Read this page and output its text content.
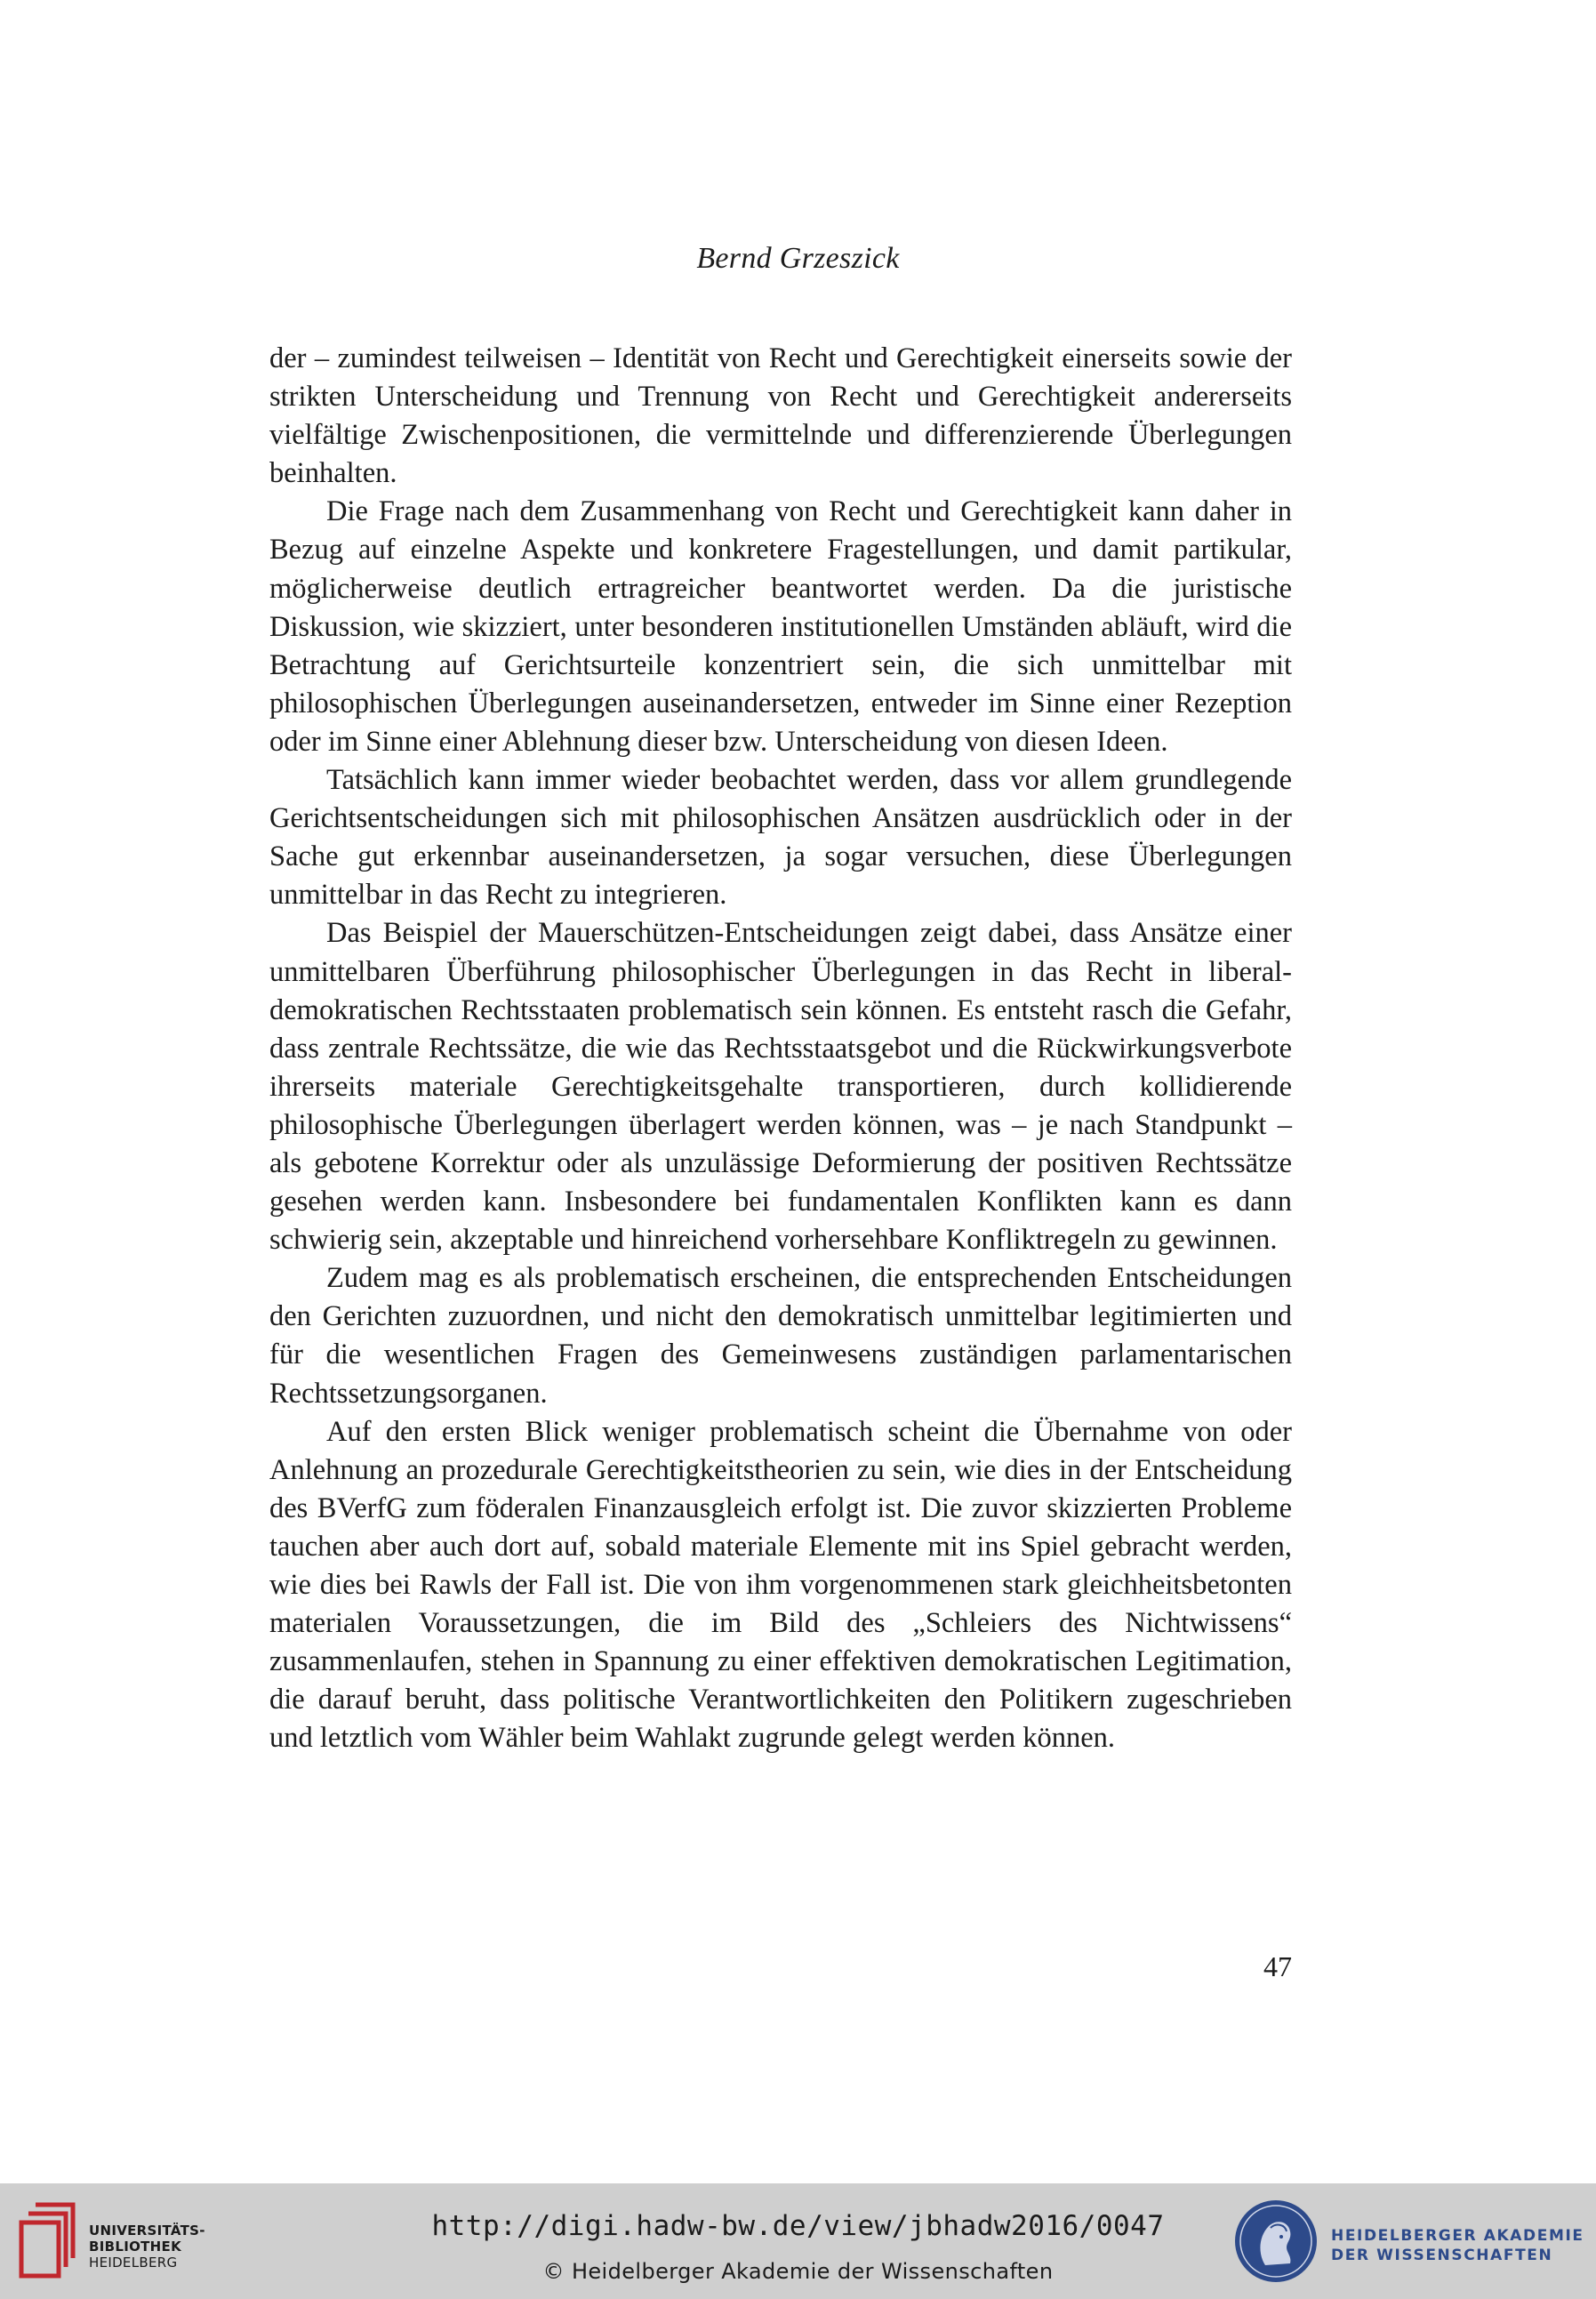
Bernd Grzeszick

der – zumindest teilweisen – Identität von Recht und Gerechtigkeit einerseits sowie der strikten Unterscheidung und Trennung von Recht und Gerechtigkeit andererseits vielfältige Zwischenpositionen, die vermittelnde und differenzierende Überlegungen beinhalten.

Die Frage nach dem Zusammenhang von Recht und Gerechtigkeit kann daher in Bezug auf einzelne Aspekte und konkretere Fragestellungen, und damit partikular, möglicherweise deutlich ertragreicher beantwortet werden. Da die juristische Diskussion, wie skizziert, unter besonderen institutionellen Umständen abläuft, wird die Betrachtung auf Gerichtsurteile konzentriert sein, die sich unmittelbar mit philosophischen Überlegungen auseinandersetzen, entweder im Sinne einer Rezeption oder im Sinne einer Ablehnung dieser bzw. Unterscheidung von diesen Ideen.

Tatsächlich kann immer wieder beobachtet werden, dass vor allem grundlegende Gerichtsentscheidungen sich mit philosophischen Ansätzen ausdrücklich oder in der Sache gut erkennbar auseinandersetzen, ja sogar versuchen, diese Überlegungen unmittelbar in das Recht zu integrieren.

Das Beispiel der Mauerschützen-Entscheidungen zeigt dabei, dass Ansätze einer unmittelbaren Überführung philosophischer Überlegungen in das Recht in liberal-demokratischen Rechtsstaaten problematisch sein können. Es entsteht rasch die Gefahr, dass zentrale Rechtssätze, die wie das Rechtsstaatsgebot und die Rückwirkungsverbote ihrerseits materiale Gerechtigkeitsgehalte transportieren, durch kollidierende philosophische Überlegungen überlagert werden können, was – je nach Standpunkt – als gebotene Korrektur oder als unzulässige Deformierung der positiven Rechtssätze gesehen werden kann. Insbesondere bei fundamentalen Konflikten kann es dann schwierig sein, akzeptable und hinreichend vorhersehbare Konfliktregeln zu gewinnen.

Zudem mag es als problematisch erscheinen, die entsprechenden Entscheidungen den Gerichten zuzuordnen, und nicht den demokratisch unmittelbar legitimierten und für die wesentlichen Fragen des Gemeinwesens zuständigen parlamentarischen Rechtssetzungsorganen.

Auf den ersten Blick weniger problematisch scheint die Übernahme von oder Anlehnung an prozedurale Gerechtigkeitstheorien zu sein, wie dies in der Entscheidung des BVerfG zum föderalen Finanzausgleich erfolgt ist. Die zuvor skizzierten Probleme tauchen aber auch dort auf, sobald materiale Elemente mit ins Spiel gebracht werden, wie dies bei Rawls der Fall ist. Die von ihm vorgenommenen stark gleichheitsbetonten materialen Voraussetzungen, die im Bild des „Schleiers des Nichtwissens“ zusammenlaufen, stehen in Spannung zu einer effektiven demokratischen Legitimation, die darauf beruht, dass politische Verantwortlichkeiten den Politikern zugeschrieben und letztlich vom Wähler beim Wahlakt zugrunde gelegt werden können.

47
UNIVERSITÄTS-
BIBLIOTHEK
HEIDELBERG
http://digi.hadw-bw.de/view/jbhadw2016/0047
© Heidelberger Akademie der Wissenschaften
HEIDELBERGER AKADEMIE
DER WISSENSCHAFTEN
